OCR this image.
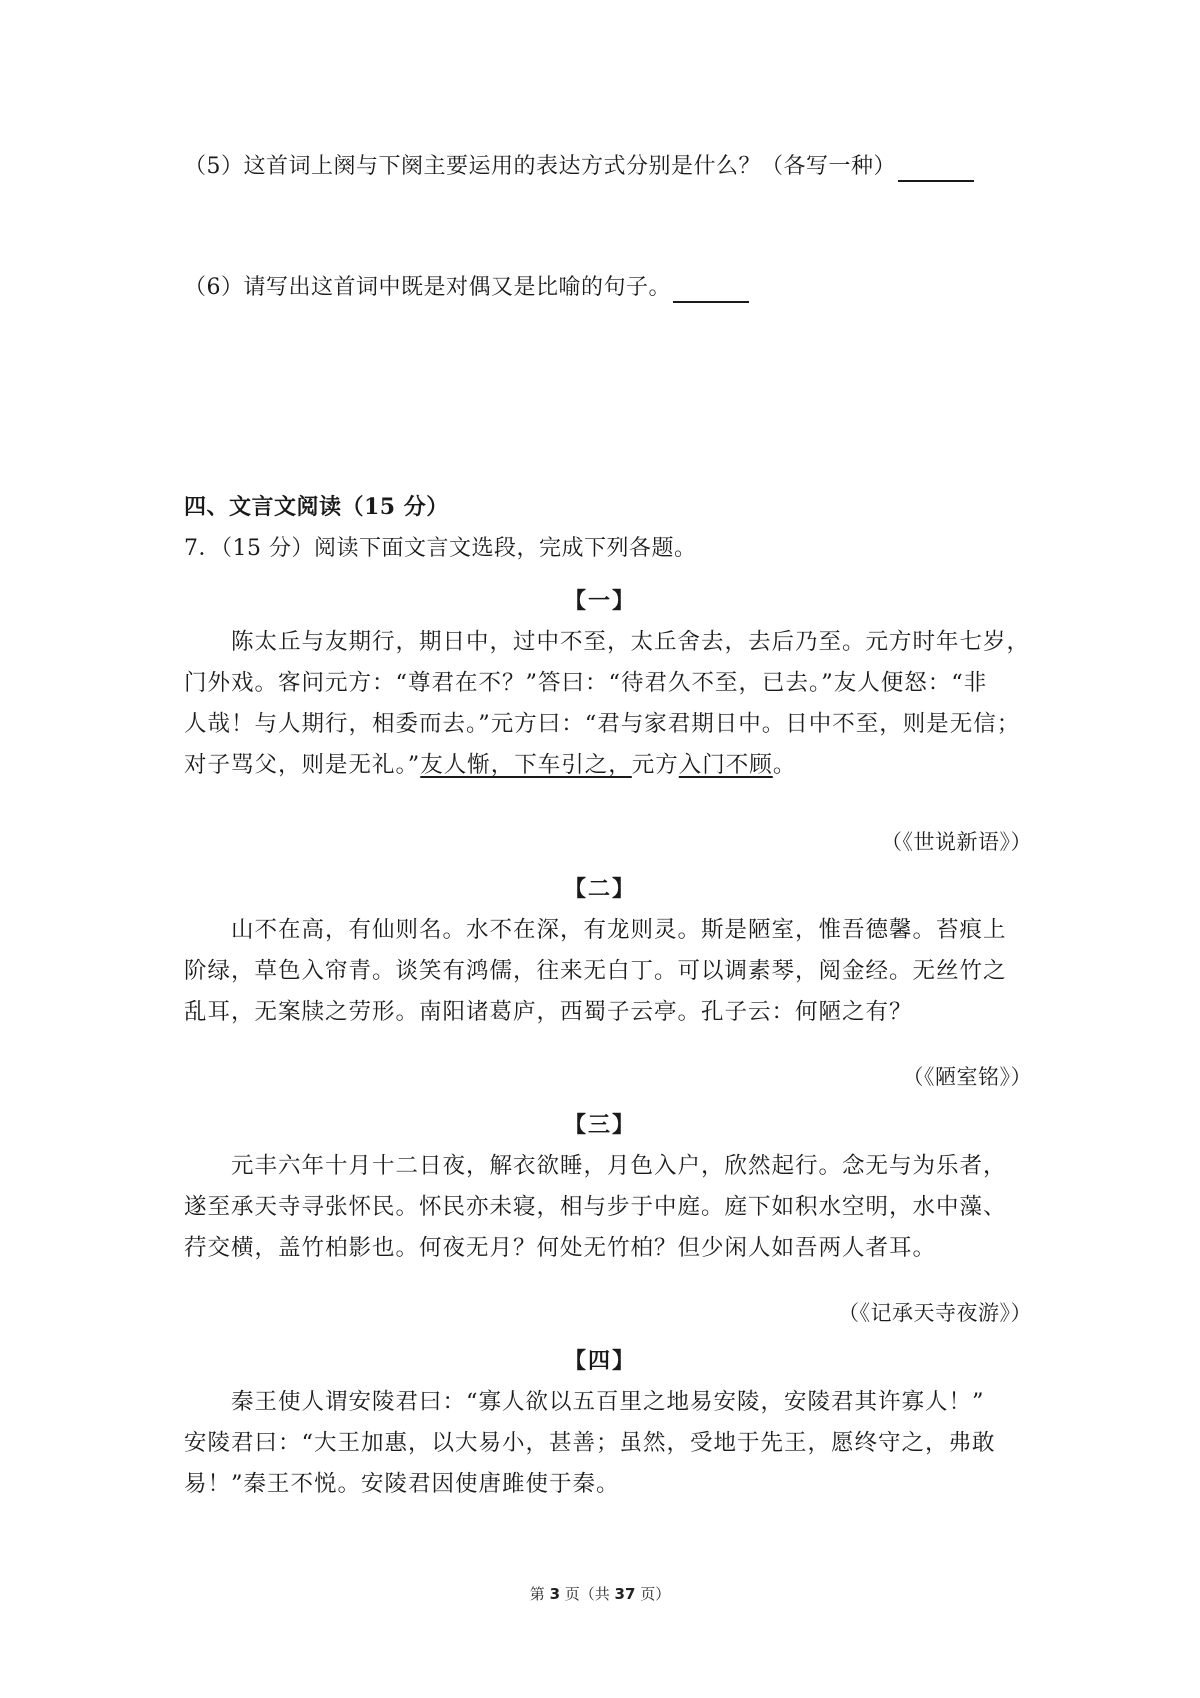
（5）这首词上阕与下阕主要运用的表达方式分别是什么？（各写一种）
（6）请写出这首词中既是对偶又是比喻的句子。
四、文言文阅读（15 分）
7．（15 分）阅读下面文言文选段，完成下列各题。
【一】
陈太丘与友期行，期日中，过中不至，太丘舍去，去后乃至。元方时年七岁，
门外戏。客问元方：“尊君在不？”答曰：“待君久不至，已去。”友人便怒：“非
人哉！与人期行，相委而去。”元方曰：“君与家君期日中。日中不至，则是无信；
对子骂父，则是无礼。”友人惭，下车引之，元方入门不顾。
（《世说新语》）
【二】
山不在高，有仙则名。水不在深，有龙则灵。斯是陋室，惟吾德馨。苔痕上
阶绿，草色入帘青。谈笑有鸿儒，往来无白丁。可以调素琴，阅金经。无丝竹之
乱耳，无案牍之劳形。南阳诸葛庐，西蜀子云亭。孔子云：何陋之有？
（《陋室铭》）
【三】
元丰六年十月十二日夜，解衣欲睡，月色入户，欣然起行。念无与为乐者，
遂至承天寺寻张怀民。怀民亦未寝，相与步于中庭。庭下如积水空明，水中藻、
荇交横，盖竹柏影也。何夜无月？何处无竹柏？但少闲人如吾两人者耳。
（《记承天寺夜游》）
【四】
秦王使人谓安陵君曰：“寡人欲以五百里之地易安陵，安陵君其许寡人！”
安陵君曰：“大王加惠，以大易小，甚善；虽然，受地于先王，愿终守之，弗敢
易！”秦王不悦。安陵君因使唐雎使于秦。
第 3 页（共 37 页）
